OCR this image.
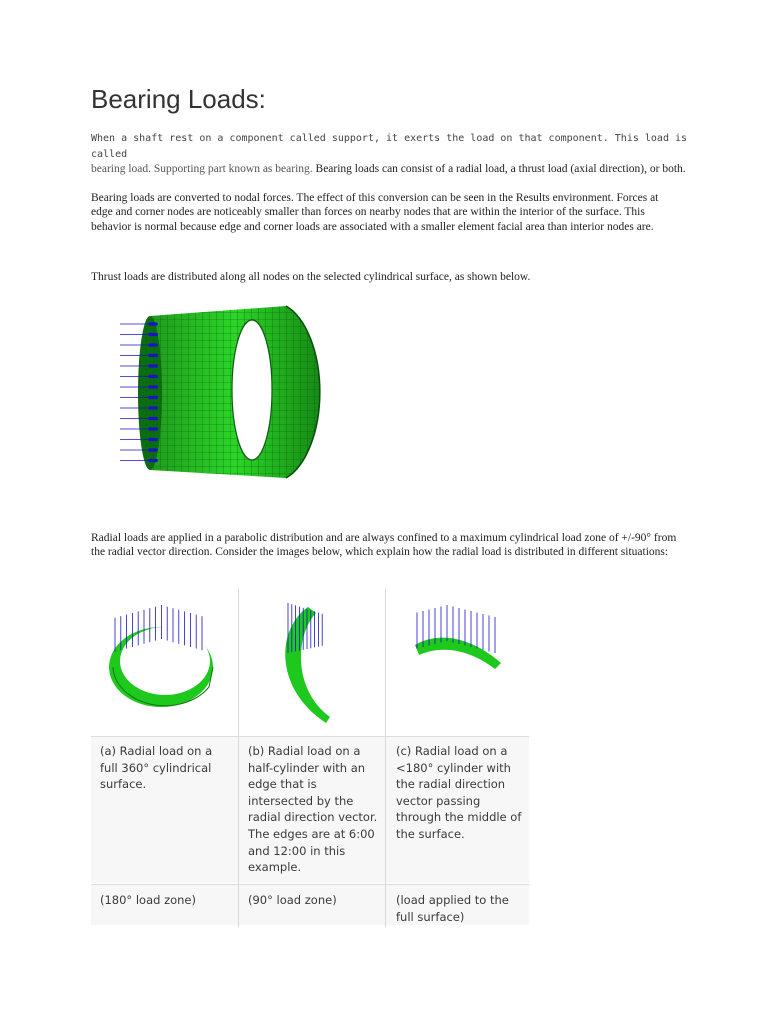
Bearing Loads:

When a shaft rest on a component called support, it exerts the load on that component. This load is called
bearing load. Supporting part known as bearing. Bearing loads can consist of a radial load, a thrust load (axial direction), or both.

Bearing loads are converted to nodal forces. The effect of this conversion can be seen in the Results environment. Forces at edge and corner nodes are noticeably smaller than forces on nearby nodes that are within the interior of the surface. This behavior is normal because edge and corner loads are associated with a smaller element facial area than interior nodes are.

Thrust loads are distributed along all nodes on the selected cylindrical surface, as shown below.

Radial loads are applied in a parabolic distribution and are always confined to a maximum cylindrical load zone of +/-90° from the radial vector direction. Consider the images below, which explain how the radial load is distributed in different situations:

(a) Radial load on a full 360° cylindrical surface.

(b) Radial load on a half-cylinder with an edge that is intersected by the radial direction vector. The edges are at 6:00 and 12:00 in this example.

(c) Radial load on a <180° cylinder with the radial direction vector passing through the middle of the surface.

(180° load zone)	(90° load zone)	(load applied to the full surface)
